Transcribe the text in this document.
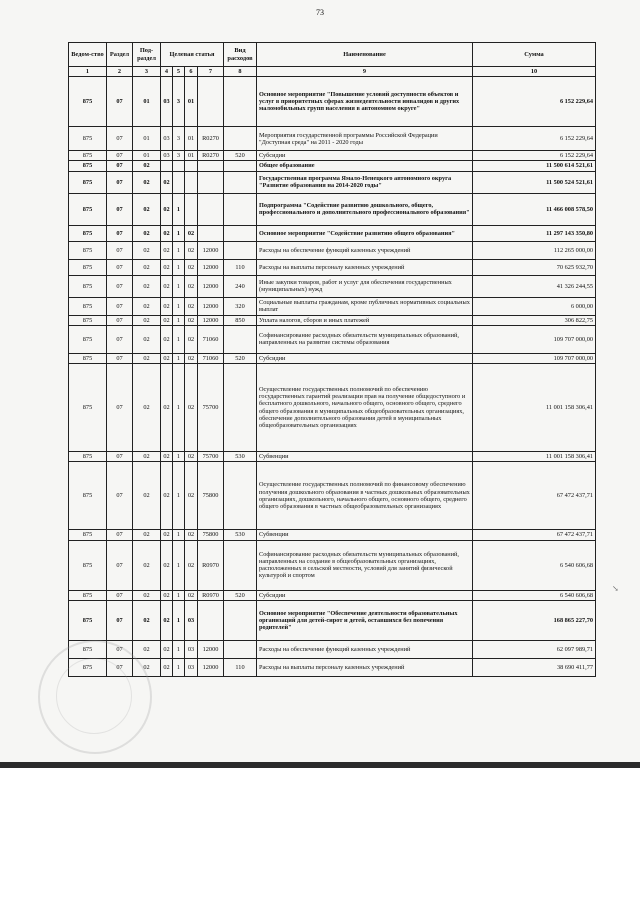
73
Ведом-ство	Раздел	Под-раздел	Целевая статья				Вид расходов	Наименование	Сумма
1	2	3	4	5	6	7	8	9	10
875	07	01	03	3	01			Основное мероприятие "Повышение условий доступности объектов и услуг в приоритетных сферах жизнедеятельности инвалидов и других маломобильных групп населения в автономном округе"	6 152 229,64
875	07	01	03	3	01	R0270		Мероприятия государственной программы Российской Федерации "Доступная среда" на 2011 - 2020 годы	6 152 229,64
875	07	01	03	3	01	R0270	520	Субсидии	6 152 229,64
875	07	02						Общее образование	11 500 614 521,61
875	07	02	02					Государственная программа Ямало-Ненецкого автономного округа "Развитие образования на 2014-2020 годы"	11 500 524 521,61
875	07	02	02	1				Подпрограмма "Содействие развитию дошкольного, общего, профессионального и дополнительного профессионального образования"	11 466 008 578,50
875	07	02	02	1	02			Основное мероприятие "Содействие развитию общего образования"	11 297 143 350,80
875	07	02	02	1	02	12000		Расходы на обеспечение функций казенных учреждений	112 265 000,00
875	07	02	02	1	02	12000	110	Расходы на выплаты персоналу казенных учреждений	70 625 932,70
875	07	02	02	1	02	12000	240	Иные закупки товаров, работ и услуг для обеспечения государственных (муниципальных) нужд	41 326 244,55
875	07	02	02	1	02	12000	320	Социальные выплаты гражданам, кроме публичных нормативных социальных выплат	6 000,00
875	07	02	02	1	02	12000	850	Уплата налогов, сборов и иных платежей	306 822,75
875	07	02	02	1	02	71060		Софинансирование расходных обязательств муниципальных образований, направленных на развитие системы образования	109 707 000,00
875	07	02	02	1	02	71060	520	Субсидии	109 707 000,00
875	07	02	02	1	02	75700		Осуществление государственных полномочий по обеспечению государственных гарантий реализации прав на получение общедоступного и бесплатного дошкольного, начального общего, основного общего, среднего общего образования в муниципальных общеобразовательных организациях, обеспечение дополнительного образования детей в муниципальных общеобразовательных организациях	11 001 158 306,41
875	07	02	02	1	02	75700	530	Субвенции	11 001 158 306,41
875	07	02	02	1	02	75800		Осуществление государственных полномочий по финансовому обеспечению получения дошкольного образования в частных дошкольных образовательных организациях, дошкольного, начального общего, основного общего, среднего общего образования в частных общеобразовательных организациях	67 472 437,71
875	07	02	02	1	02	75800	530	Субвенции	67 472 437,71
875	07	02	02	1	02	R0970		Софинансирование расходных обязательств муниципальных образований, направленных на создание в общеобразовательных организациях, расположенных в сельской местности, условий для занятий физической культурой и спортом	6 540 606,68
875	07	02	02	1	02	R0970	520	Субсидии	6 540 606,68
875	07	02	02	1	03			Основное мероприятие "Обеспечение деятельности образовательных организаций для детей-сирот и детей, оставшихся без попечения родителей"	168 865 227,70
875	07	02	02	1	03	12000		Расходы на обеспечение функций казенных учреждений	62 097 989,71
875	07	02	02	1	03	12000	110	Расходы на выплаты персоналу казенных учреждений	38 690 411,77
↘
